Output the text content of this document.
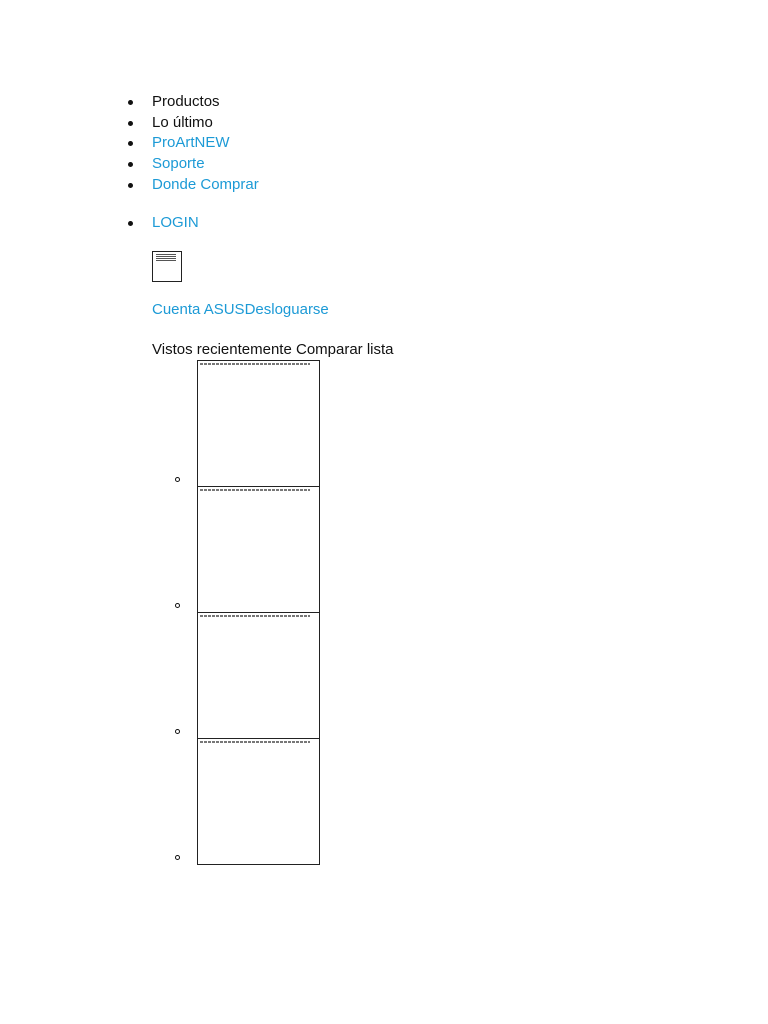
Productos
Lo último
ProArtNEW
Soporte
Donde Comprar
LOGIN
Cuenta ASUSDesloguarse
Vistos recientemente Comparar lista
